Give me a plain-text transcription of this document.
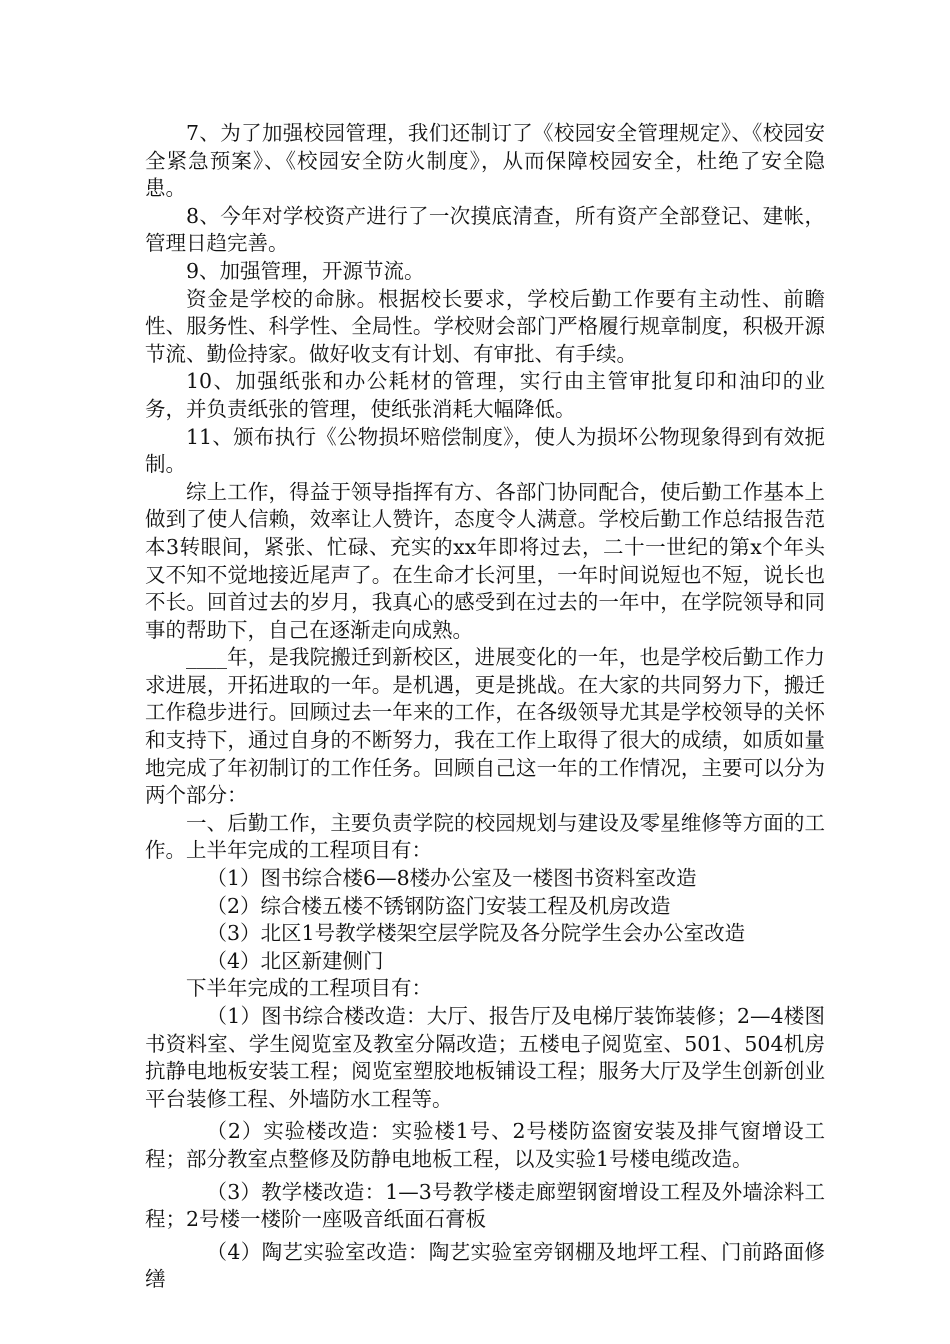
7、为了加强校园管理，我们还制订了《校园安全管理规定》、《校园安全紧急预案》、《校园安全防火制度》，从而保障校园安全，杜绝了安全隐患。

8、今年对学校资产进行了一次摸底清查，所有资产全部登记、建帐，管理日趋完善。

9、加强管理，开源节流。

资金是学校的命脉。根据校长要求，学校后勤工作要有主动性、前瞻性、服务性、科学性、全局性。学校财会部门严格履行规章制度，积极开源节流、勤俭持家。做好收支有计划、有审批、有手续。

10、加强纸张和办公耗材的管理，实行由主管审批复印和油印的业务，并负责纸张的管理，使纸张消耗大幅降低。

11、颁布执行《公物损坏赔偿制度》，使人为损坏公物现象得到有效扼制。

综上工作，得益于领导指挥有方、各部门协同配合，使后勤工作基本上做到了使人信赖，效率让人赞许，态度令人满意。学校后勤工作总结报告范本3转眼间，紧张、忙碌、充实的xx年即将过去，二十一世纪的第x个年头又不知不觉地接近尾声了。在生命才长河里，一年时间说短也不短，说长也不长。回首过去的岁月，我真心的感受到在过去的一年中，在学院领导和同事的帮助下，自己在逐渐走向成熟。

____年，是我院搬迁到新校区，进展变化的一年，也是学校后勤工作力求进展，开拓进取的一年。是机遇，更是挑战。在大家的共同努力下，搬迁工作稳步进行。回顾过去一年来的工作，在各级领导尤其是学校领导的关怀和支持下，通过自身的不断努力，我在工作上取得了很大的成绩，如质如量地完成了年初制订的工作任务。回顾自己这一年的工作情况，主要可以分为两个部分：

一、后勤工作，主要负责学院的校园规划与建设及零星维修等方面的工作。上半年完成的工程项目有：

（1）图书综合楼6—8楼办公室及一楼图书资料室改造

（2）综合楼五楼不锈钢防盗门安装工程及机房改造

（3）北区1号教学楼架空层学院及各分院学生会办公室改造

（4）北区新建侧门

下半年完成的工程项目有：

（1）图书综合楼改造：大厅、报告厅及电梯厅装饰装修；2—4楼图书资料室、学生阅览室及教室分隔改造；五楼电子阅览室、501、504机房抗静电地板安装工程；阅览室塑胶地板铺设工程；服务大厅及学生创新创业平台装修工程、外墙防水工程等。

（2）实验楼改造：实验楼1号、2号楼防盗窗安装及排气窗增设工程；部分教室点整修及防静电地板工程，以及实验1号楼电缆改造。

（3）教学楼改造：1—3号教学楼走廊塑钢窗增设工程及外墙涂料工程；2号楼一楼阶一座吸音纸面石膏板

（4）陶艺实验室改造：陶艺实验室旁钢棚及地坪工程、门前路面修缮
